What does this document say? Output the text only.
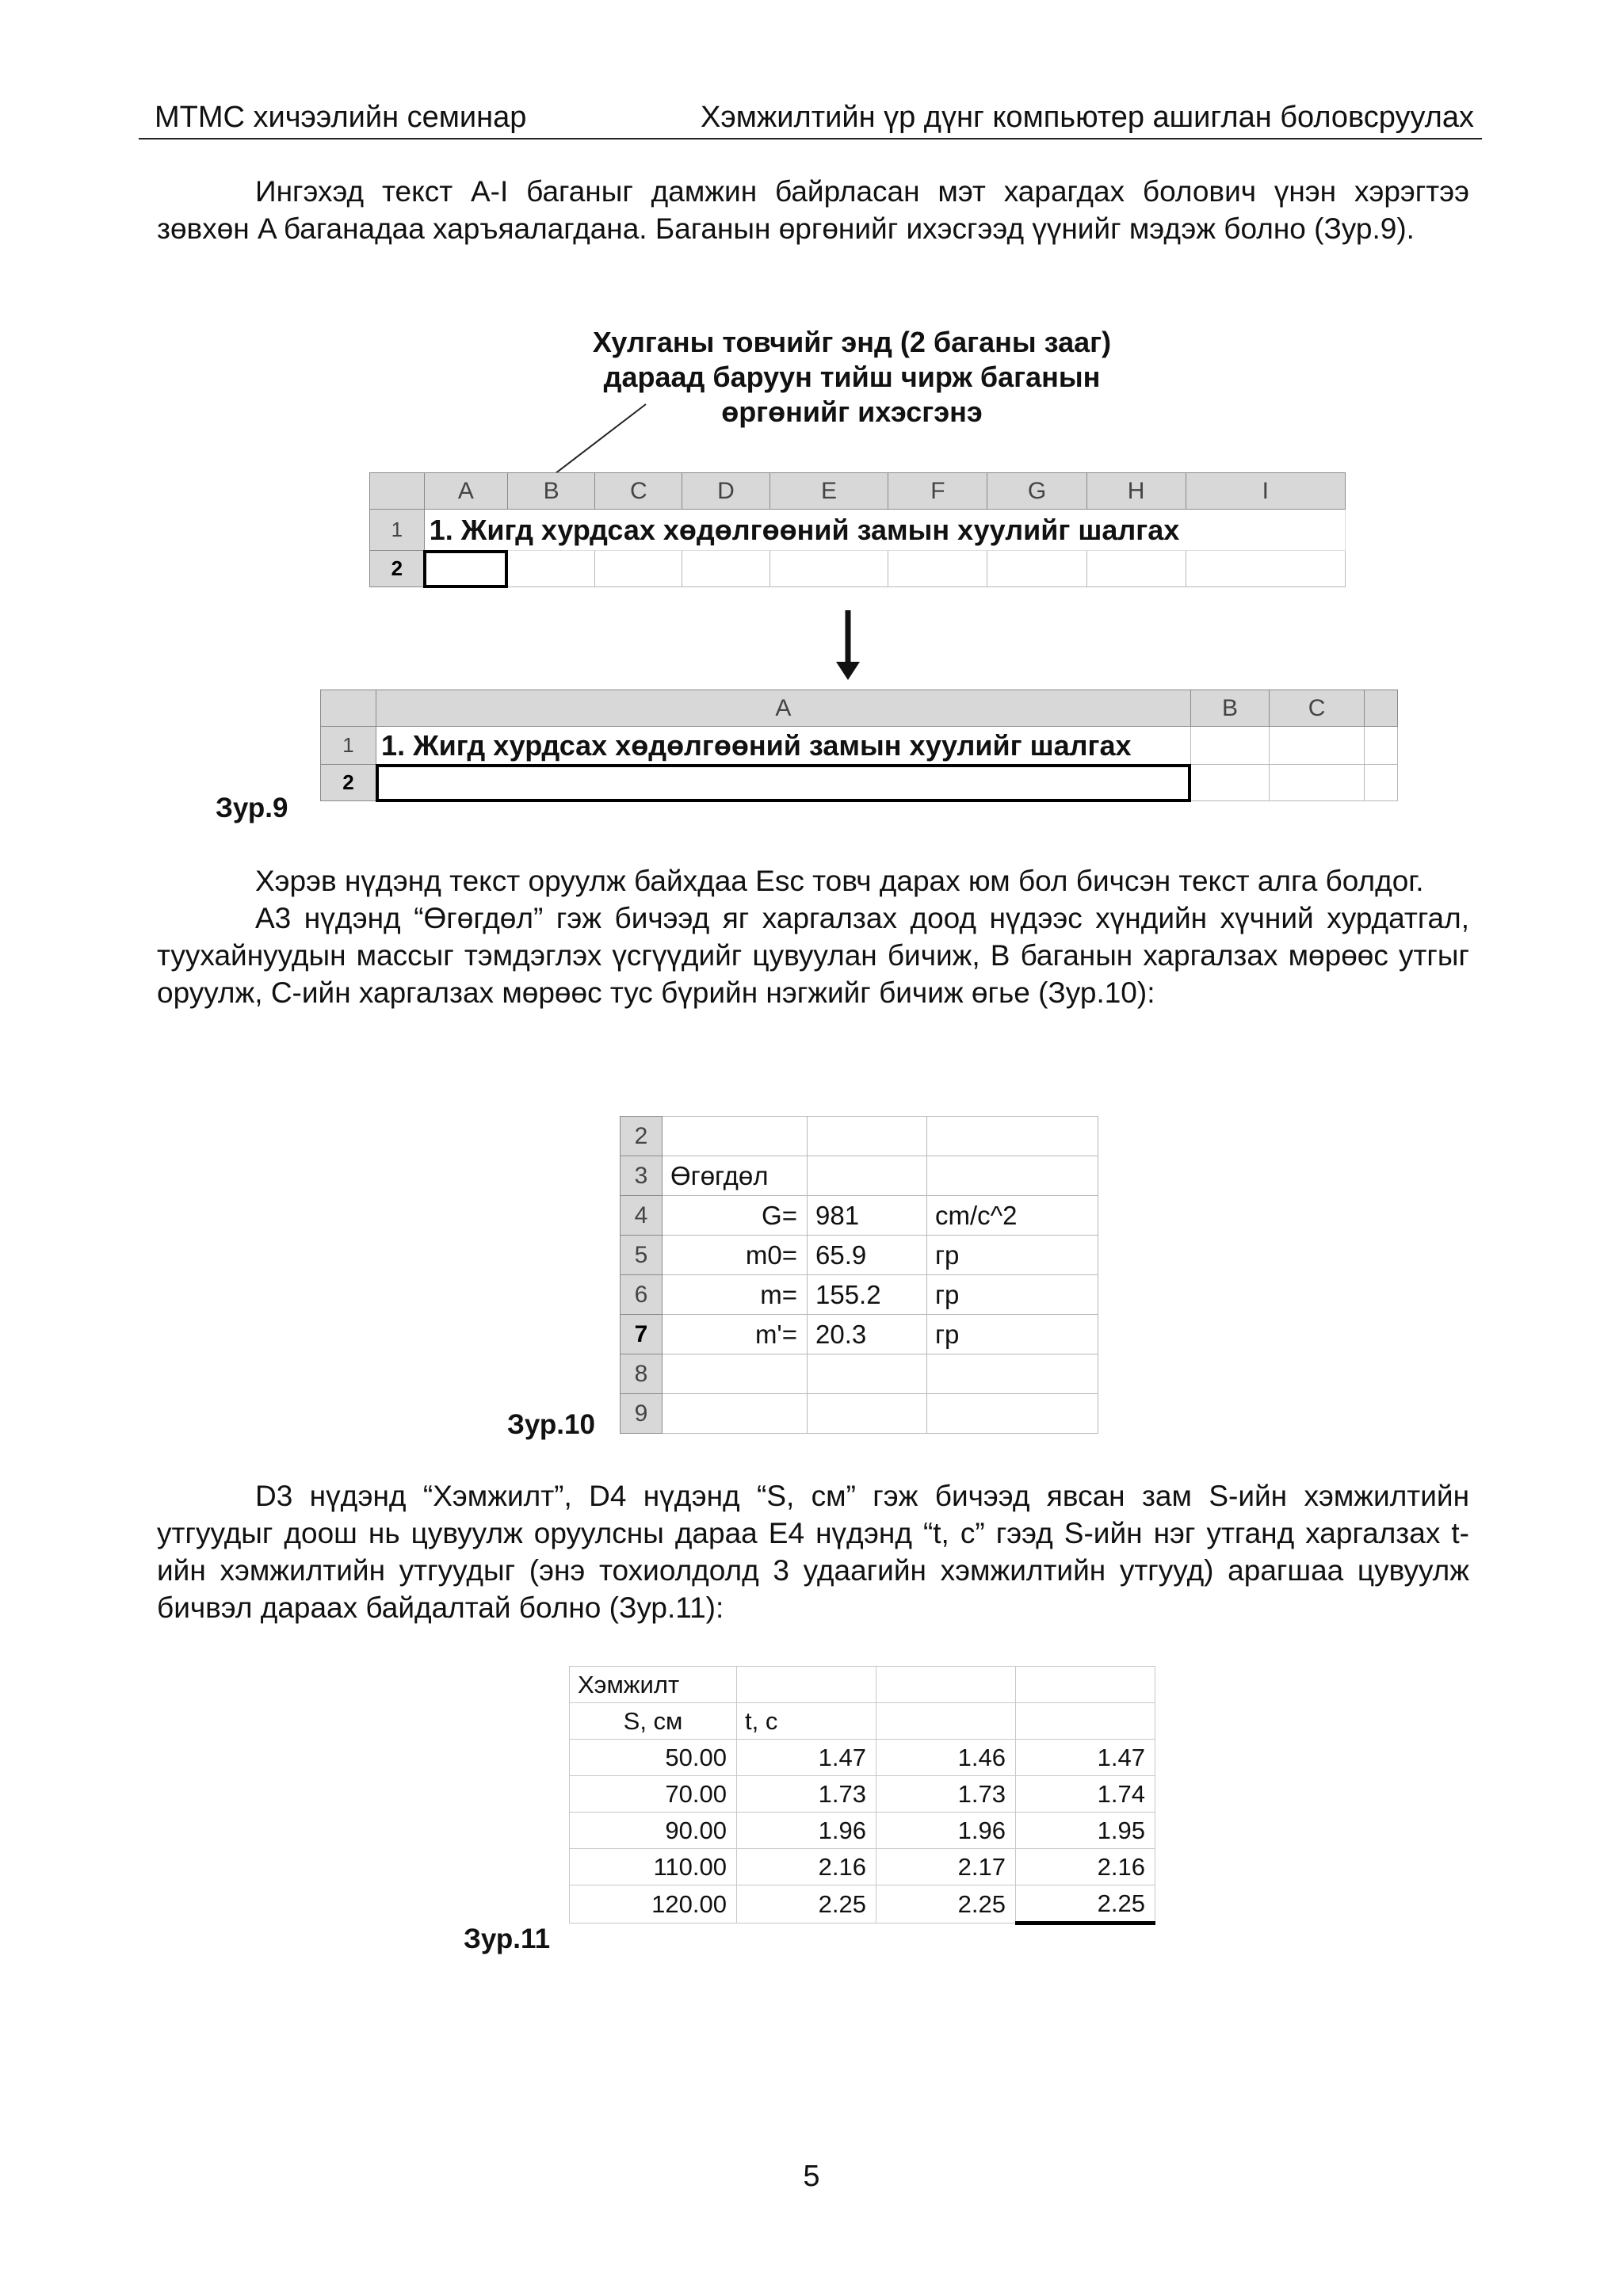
МТМС хичээлийн семинар	Хэмжилтийн үр дүнг компьютер ашиглан боловсруулах

Ингэхэд текст A-I баганыг дамжин байрласан мэт харагдах болович үнэн хэрэгтээ зөвхөн A баганадаа харъяалагдана. Баганын өргөнийг ихэсгээд үүнийг мэдэж болно (Зур.9).

Хулганы товчийг энд (2 баганы зааг)
дараад баруун тийш чирж баганын
өргөнийг ихэсгэнэ
	A	B	C	D	E	F	G	H	I
1	1. Жигд хурдсах хөдөлгөөний замын хуулийг шалгах								
2									
	A	B	C	
1	1. Жигд хурдсах хөдөлгөөний замын хуулийг шалгах			
2				
Зур.9

Хэрэв нүдэнд текст оруулж байхдаа Esc товч дарах юм бол бичсэн текст алга болдог.

A3 нүдэнд “Өгөгдөл” гэж бичээд яг харгалзах доод нүдээс хүндийн хүчний хурдатгал, туухайнуудын массыг тэмдэглэх үсгүүдийг цувуулан бичиж, B баганын харгалзах мөрөөс утгыг оруулж, C-ийн харгалзах мөрөөс тус бүрийн нэгжийг бичиж өгье (Зур.10):

2			
3	Өгөгдөл		
4	G=	981	cm/c^2
5	m0=	65.9	гр
6	m=	155.2	гр
7	m'=	20.3	гр
8			
9			
Зур.10

D3 нүдэнд “Хэмжилт”, D4 нүдэнд “S, см” гэж бичээд явсан зам S-ийн хэмжилтийн утгуудыг доош нь цувуулж оруулсны дараа E4 нүдэнд “t, c” гээд S-ийн нэг утганд харгалзах t-ийн хэмжилтийн утгуудыг (энэ тохиолдолд 3 удаагийн хэмжилтийн утгууд) арагшаа цувуулж бичвэл дараах байдалтай болно (Зур.11):

Хэмжилт			
S, см	t, c		
50.00	1.47	1.46	1.47
70.00	1.73	1.73	1.74
90.00	1.96	1.96	1.95
110.00	2.16	2.17	2.16
120.00	2.25	2.25	2.25
Зур.11
5
